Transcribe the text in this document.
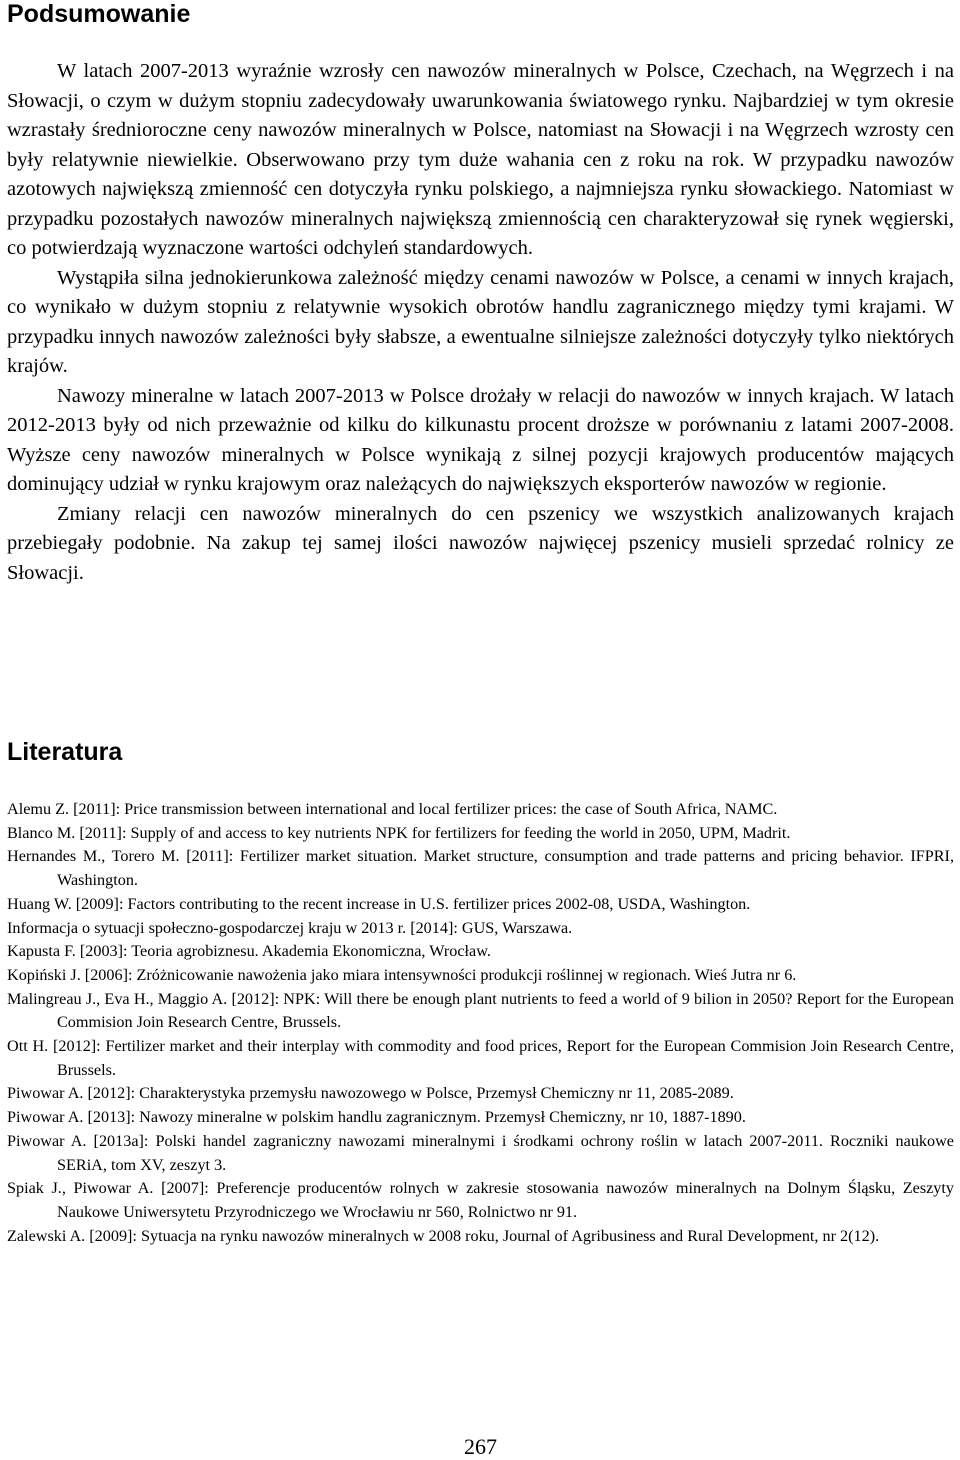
Podsumowanie

W latach 2007-2013 wyraźnie wzrosły cen nawozów mineralnych w Polsce, Czechach, na Węgrzech i na Słowacji, o czym w dużym stopniu zadecydowały uwarunkowania światowego rynku. Najbardziej w tym okresie wzrastały średnioroczne ceny nawozów mineralnych w Polsce, natomiast na Słowacji i na Węgrzech wzrosty cen były relatywnie niewielkie. Obserwowano przy tym duże wahania cen z roku na rok. W przypadku nawozów azotowych największą zmienność cen dotyczyła rynku polskiego, a najmniejsza rynku słowackiego. Natomiast w przypadku pozostałych nawozów mineralnych największą zmiennością cen charakteryzował się rynek węgierski, co potwierdzają wyznaczone wartości odchyleń standardowych.

Wystąpiła silna jednokierunkowa zależność między cenami nawozów w Polsce, a cenami w innych krajach, co wynikało w dużym stopniu z relatywnie wysokich obrotów handlu zagranicznego między tymi krajami. W przypadku innych nawozów zależności były słabsze, a ewentualne silniejsze zależności dotyczyły tylko niektórych krajów.

Nawozy mineralne w latach 2007-2013 w Polsce drożały w relacji do nawozów w innych krajach. W latach 2012-2013 były od nich przeważnie od kilku do kilkunastu procent droższe w porównaniu z latami 2007-2008. Wyższe ceny nawozów mineralnych w Polsce wynikają z silnej pozycji krajowych producentów mających dominujący udział w rynku krajowym oraz należących do największych eksporterów nawozów w regionie.

Zmiany relacji cen nawozów mineralnych do cen pszenicy we wszystkich analizowanych krajach przebiegały podobnie. Na zakup tej samej ilości nawozów najwięcej pszenicy musieli sprzedać rolnicy ze Słowacji.

Literatura
Alemu Z. [2011]: Price transmission between international and local fertilizer prices: the case of South Africa, NAMC.
Blanco M. [2011]: Supply of and access to key nutrients NPK for fertilizers for feeding the world in 2050, UPM, Madrit.
Hernandes M., Torero M. [2011]: Fertilizer market situation. Market structure, consumption and trade patterns and pricing behavior. IFPRI, Washington.
Huang W. [2009]: Factors contributing to the recent increase in U.S. fertilizer prices 2002-08, USDA, Washington.
Informacja o sytuacji społeczno-gospodarczej kraju w 2013 r. [2014]: GUS, Warszawa.
Kapusta F. [2003]: Teoria agrobiznesu. Akademia Ekonomiczna, Wrocław.
Kopiński J. [2006]: Zróżnicowanie nawożenia jako miara intensywności produkcji roślinnej w regionach. Wieś Jutra nr 6.
Malingreau J., Eva H., Maggio A. [2012]: NPK: Will there be enough plant nutrients to feed a world of 9 bilion in 2050? Report for the European Commision Join Research Centre, Brussels.
Ott H. [2012]: Fertilizer market and their interplay with commodity and food prices, Report for the European Commision Join Research Centre, Brussels.
Piwowar A. [2012]: Charakterystyka przemysłu nawozowego w Polsce, Przemysł Chemiczny nr 11, 2085-2089.
Piwowar A. [2013]: Nawozy mineralne w polskim handlu zagranicznym. Przemysł Chemiczny, nr 10, 1887-1890.
Piwowar A. [2013a]: Polski handel zagraniczny nawozami mineralnymi i środkami ochrony roślin w latach 2007-2011. Roczniki naukowe SERiA, tom XV, zeszyt 3.
Spiak J., Piwowar A. [2007]: Preferencje producentów rolnych w zakresie stosowania nawozów mineralnych na Dolnym Śląsku, Zeszyty Naukowe Uniwersytetu Przyrodniczego we Wrocławiu nr 560, Rolnictwo nr 91.
Zalewski A. [2009]: Sytuacja na rynku nawozów mineralnych w 2008 roku, Journal of Agribusiness and Rural Development, nr 2(12).
267
